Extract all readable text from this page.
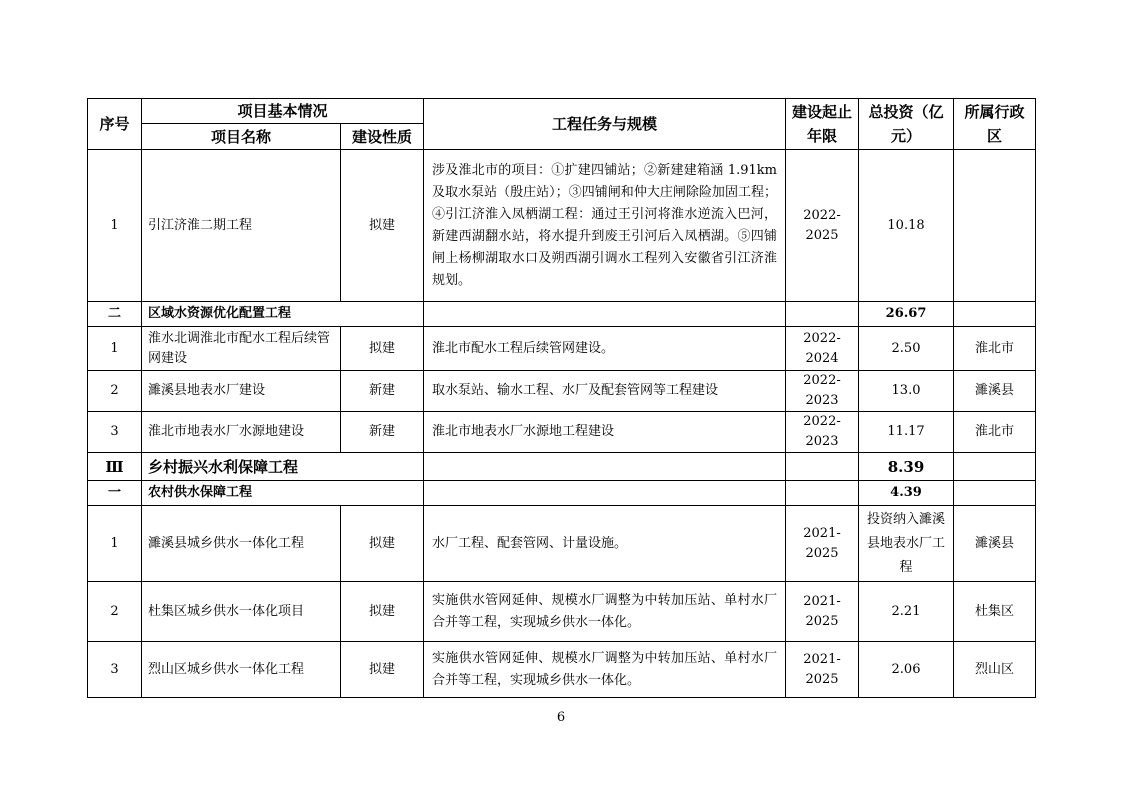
序号	项目基本情况		工程任务与规模	建设起止年限	总投资（亿元）	所属行政区
	项目名称	建设性质				
1	引江济淮二期工程	拟建	涉及淮北市的项目：①扩建四铺站；②新建建箱涵 1.91km 及取水泵站（殷庄站）；③四铺闸和仲大庄闸除险加固工程；④引江济淮入凤栖湖工程：通过王引河将淮水逆流入巴河，新建西湖翻水站，将水提升到废王引河后入凤栖湖。⑤四铺闸上杨柳湖取水口及朔西湖引调水工程列入安徽省引江济淮规划。	2022-2025	10.18	
二	区域水资源优化配置工程				26.67	
1	淮水北调淮北市配水工程后续管网建设	拟建	淮北市配水工程后续管网建设。	2022-2024	2.50	淮北市
2	濉溪县地表水厂建设	新建	取水泵站、输水工程、水厂及配套管网等工程建设	2022-2023	13.0	濉溪县
3	淮北市地表水厂水源地建设	新建	淮北市地表水厂水源地工程建设	2022-2023	11.17	淮北市
Ⅲ	乡村振兴水利保障工程				8.39	
一	农村供水保障工程				4.39	
1	濉溪县城乡供水一体化工程	拟建	水厂工程、配套管网、计量设施。	2021-2025	投资纳入濉溪县地表水厂工程	濉溪县
2	杜集区城乡供水一体化项目	拟建	实施供水管网延伸、规模水厂调整为中转加压站、单村水厂合并等工程，实现城乡供水一体化。	2021-2025	2.21	杜集区
3	烈山区城乡供水一体化工程	拟建	实施供水管网延伸、规模水厂调整为中转加压站、单村水厂合并等工程，实现城乡供水一体化。	2021-2025	2.06	烈山区
6
